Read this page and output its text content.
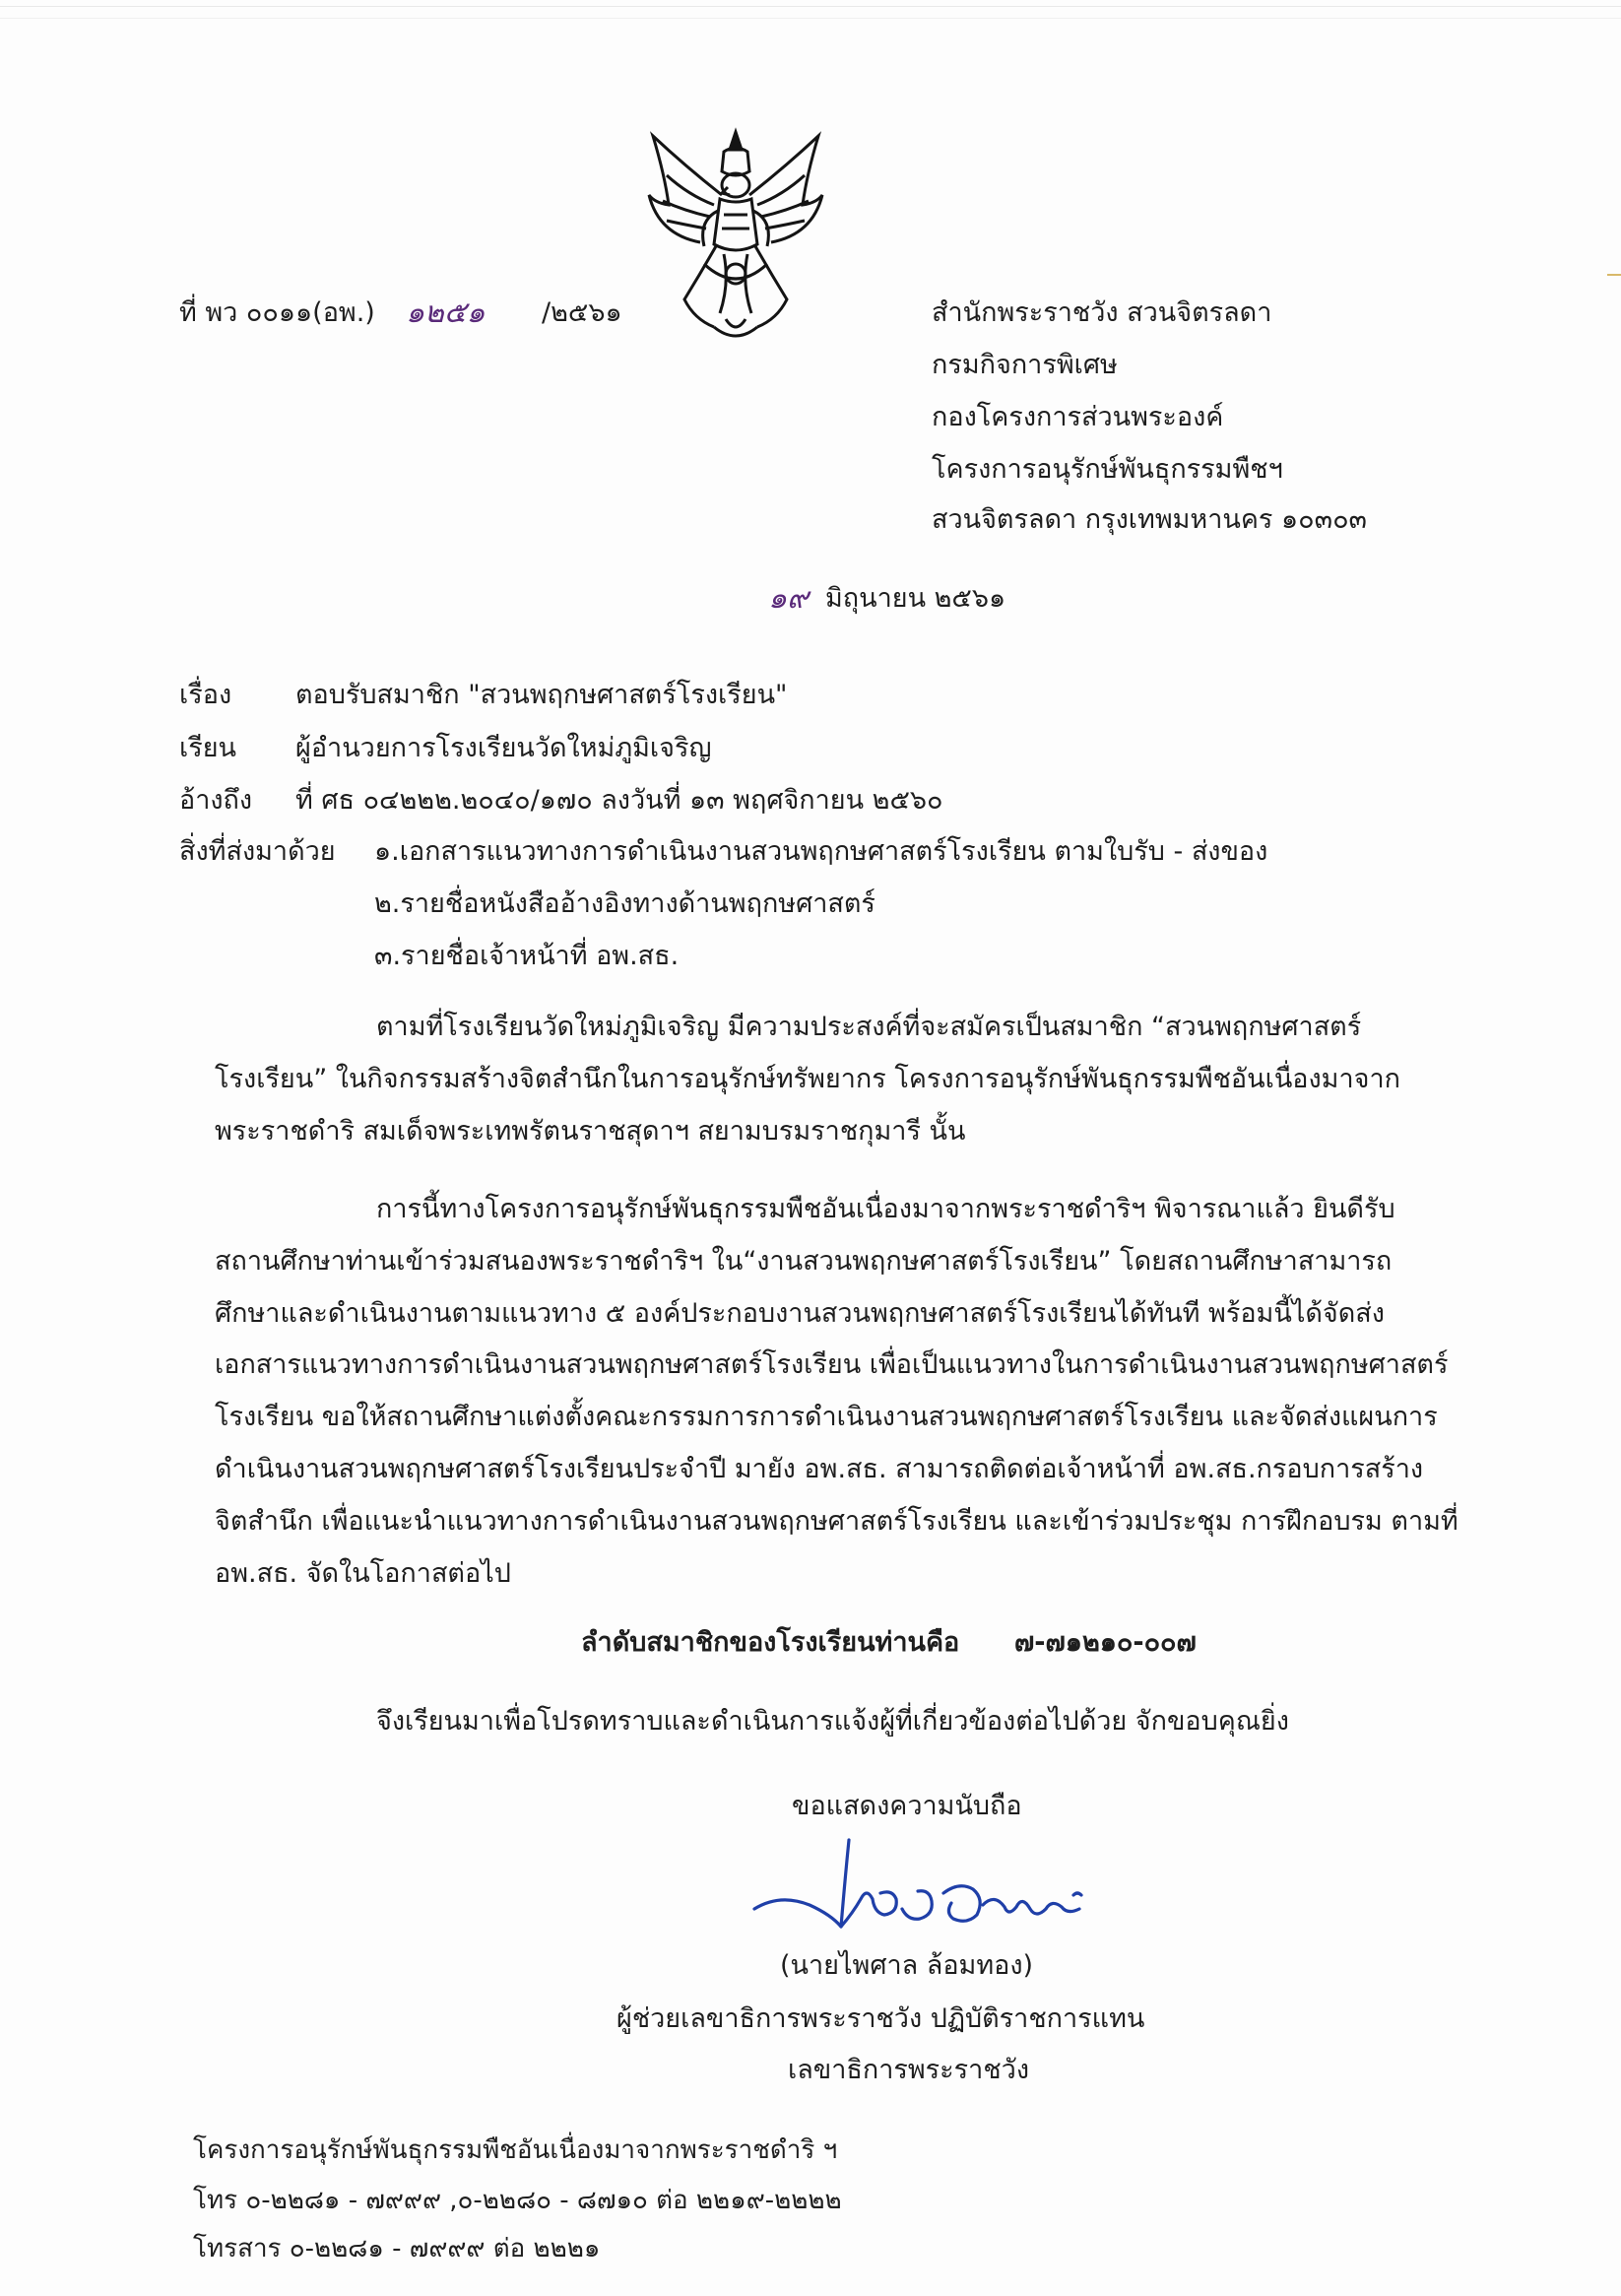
ที่ พว ๐๐๑๑(อพ.) ๑๒๕๑ /๒๕๖๑	สำนักพระราชวัง สวนจิตรลดา
กรมกิจการพิเศษ
กองโครงการส่วนพระองค์
โครงการอนุรักษ์พันธุกรรมพืชฯ
สวนจิตรลดา กรุงเทพมหานคร ๑๐๓๐๓
๑๙ มิถุนายน ๒๕๖๑
เรื่อง ตอบรับสมาชิก "สวนพฤกษศาสตร์โรงเรียน"
เรียน ผู้อำนวยการโรงเรียนวัดใหม่ภูมิเจริญ
อ้างถึง ที่ ศธ ๐๔๒๒๒.๒๐๔๐/๑๗๐ ลงวันที่ ๑๓ พฤศจิกายน ๒๕๖๐
สิ่งที่ส่งมาด้วย ๑.เอกสารแนวทางการดำเนินงานสวนพฤกษศาสตร์โรงเรียน ตามใบรับ - ส่งของ
๒.รายชื่อหนังสืออ้างอิงทางด้านพฤกษศาสตร์
๓.รายชื่อเจ้าหน้าที่ อพ.สธ.
ตามที่โรงเรียนวัดใหม่ภูมิเจริญ มีความประสงค์ที่จะสมัครเป็นสมาชิก “สวนพฤกษศาสตร์
โรงเรียน” ในกิจกรรมสร้างจิตสำนึกในการอนุรักษ์ทรัพยากร โครงการอนุรักษ์พันธุกรรมพืชอันเนื่องมาจาก
พระราชดำริ สมเด็จพระเทพรัตนราชสุดาฯ สยามบรมราชกุมารี นั้น
การนี้ทางโครงการอนุรักษ์พันธุกรรมพืชอันเนื่องมาจากพระราชดำริฯ พิจารณาแล้ว ยินดีรับ
สถานศึกษาท่านเข้าร่วมสนองพระราชดำริฯ ใน“งานสวนพฤกษศาสตร์โรงเรียน” โดยสถานศึกษาสามารถ
ศึกษาและดำเนินงานตามแนวทาง ๕ องค์ประกอบงานสวนพฤกษศาสตร์โรงเรียนได้ทันที พร้อมนี้ได้จัดส่ง
เอกสารแนวทางการดำเนินงานสวนพฤกษศาสตร์โรงเรียน เพื่อเป็นแนวทางในการดำเนินงานสวนพฤกษศาสตร์
โรงเรียน ขอให้สถานศึกษาแต่งตั้งคณะกรรมการการดำเนินงานสวนพฤกษศาสตร์โรงเรียน และจัดส่งแผนการ
ดำเนินงานสวนพฤกษศาสตร์โรงเรียนประจำปี มายัง อพ.สธ. สามารถติดต่อเจ้าหน้าที่ อพ.สธ.กรอบการสร้าง
จิตสำนึก เพื่อแนะนำแนวทางการดำเนินงานสวนพฤกษศาสตร์โรงเรียน และเข้าร่วมประชุม การฝึกอบรม ตามที่
อพ.สธ. จัดในโอกาสต่อไป
ลำดับสมาชิกของโรงเรียนท่านคือ ๗-๗๑๒๑๐-๐๐๗
จึงเรียนมาเพื่อโปรดทราบและดำเนินการแจ้งผู้ที่เกี่ยวข้องต่อไปด้วย จักขอบคุณยิ่ง
ขอแสดงความนับถือ
(นายไพศาล ล้อมทอง)
ผู้ช่วยเลขาธิการพระราชวัง ปฏิบัติราชการแทน
เลขาธิการพระราชวัง
โครงการอนุรักษ์พันธุกรรมพืชอันเนื่องมาจากพระราชดำริ ฯ
โทร ๐-๒๒๘๑ - ๗๙๙๙ ,๐-๒๒๘๐ - ๘๗๑๐ ต่อ ๒๒๑๙-๒๒๒๒
โทรสาร ๐-๒๒๘๑ - ๗๙๙๙ ต่อ ๒๒๒๑
